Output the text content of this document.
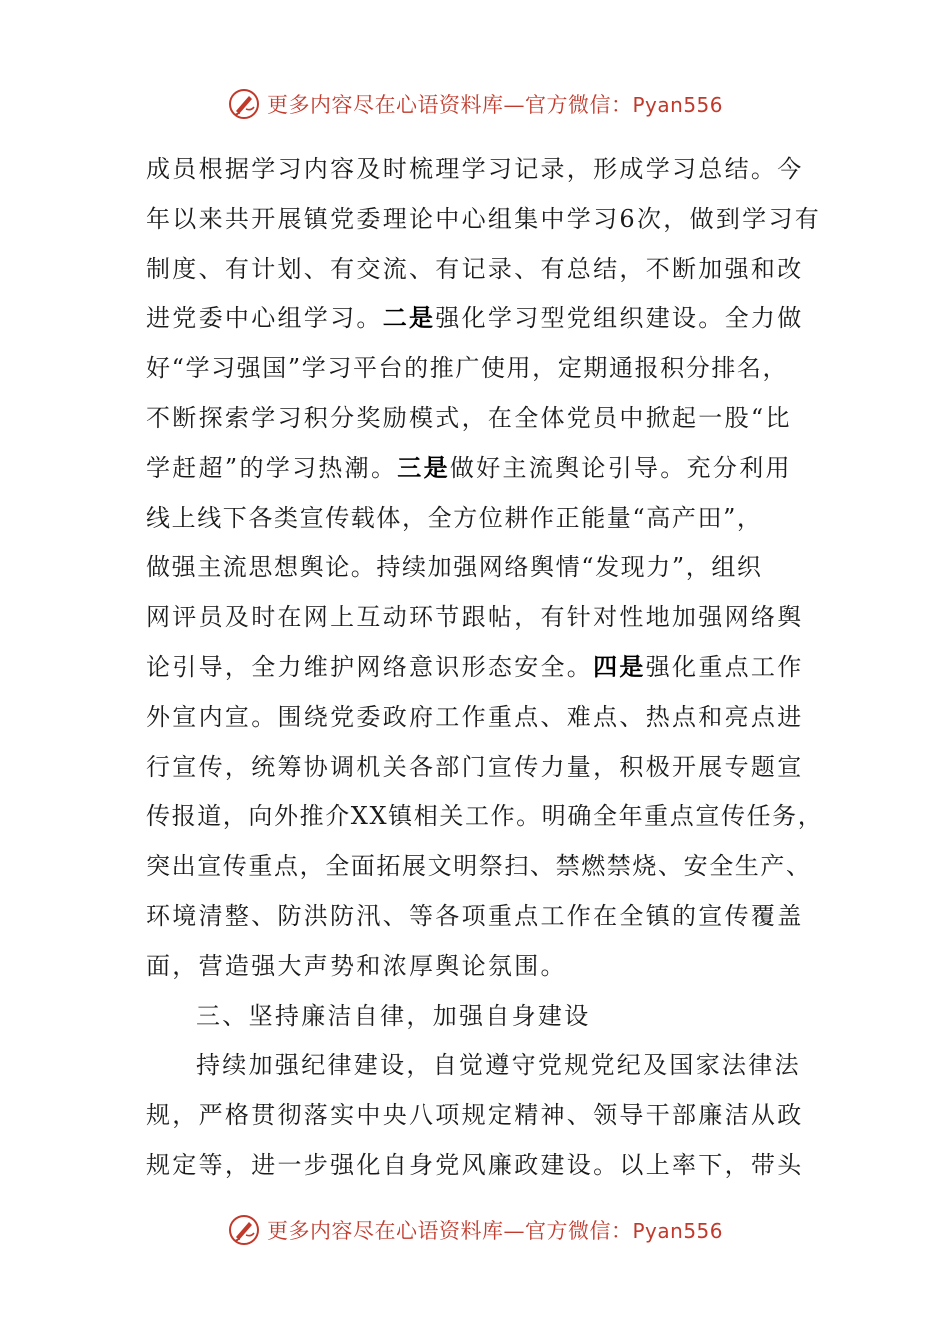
更多内容尽在心语资料库—官方微信：Pyan556
成员根据学习内容及时梳理学习记录，形成学习总结。今
年以来共开展镇党委理论中心组集中学习6次，做到学习有
制度、有计划、有交流、有记录、有总结，不断加强和改
进党委中心组学习。二是强化学习型党组织建设。全力做
好“学习强国”学习平台的推广使用，定期通报积分排名，
不断探索学习积分奖励模式，在全体党员中掀起一股“比
学赶超”的学习热潮。三是做好主流舆论引导。充分利用
线上线下各类宣传载体，全方位耕作正能量“高产田”，
做强主流思想舆论。持续加强网络舆情“发现力”，组织
网评员及时在网上互动环节跟帖，有针对性地加强网络舆
论引导，全力维护网络意识形态安全。四是强化重点工作
外宣内宣。围绕党委政府工作重点、难点、热点和亮点进
行宣传，统筹协调机关各部门宣传力量，积极开展专题宣
传报道，向外推介XX镇相关工作。明确全年重点宣传任务，
突出宣传重点，全面拓展文明祭扫、禁燃禁烧、安全生产、
环境清整、防洪防汛、等各项重点工作在全镇的宣传覆盖
面，营造强大声势和浓厚舆论氛围。
三、坚持廉洁自律，加强自身建设
持续加强纪律建设，自觉遵守党规党纪及国家法律法
规，严格贯彻落实中央八项规定精神、领导干部廉洁从政
规定等，进一步强化自身党风廉政建设。以上率下，带头
更多内容尽在心语资料库—官方微信：Pyan556
